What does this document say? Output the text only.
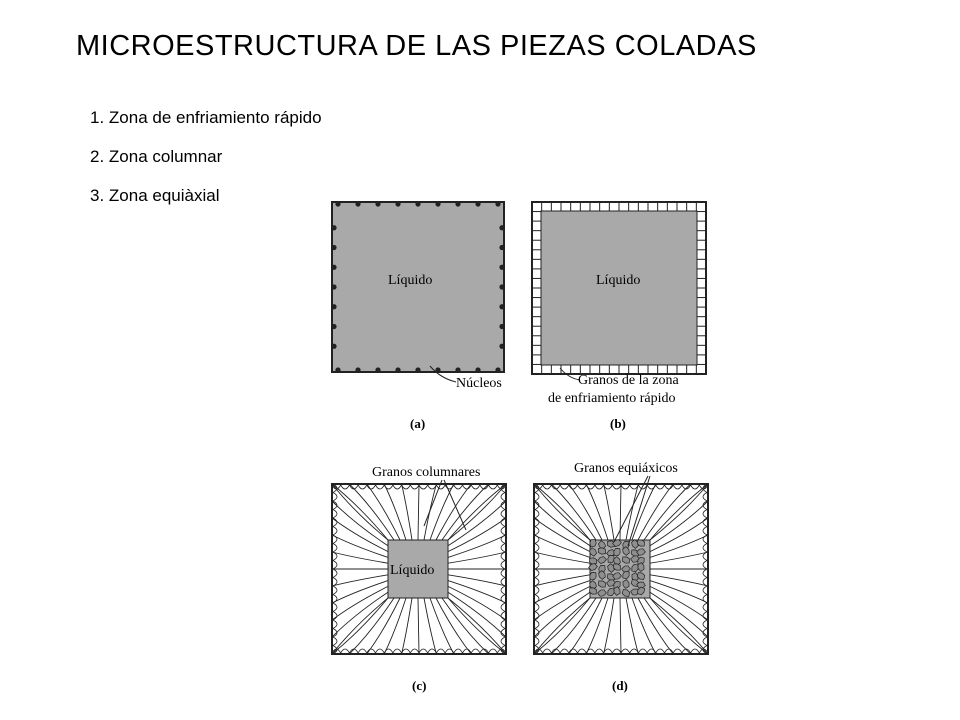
MICROESTRUCTURA DE LAS PIEZAS COLADAS
1. Zona de enfriamiento rápido
2. Zona columnar
3. Zona equiàxial
Líquido
Núcleos
(a)
Líquido
Granos de la zona
de enfriamiento rápido
(b)
Líquido
Granos columnares
(c)
Granos equiáxicos
(d)
